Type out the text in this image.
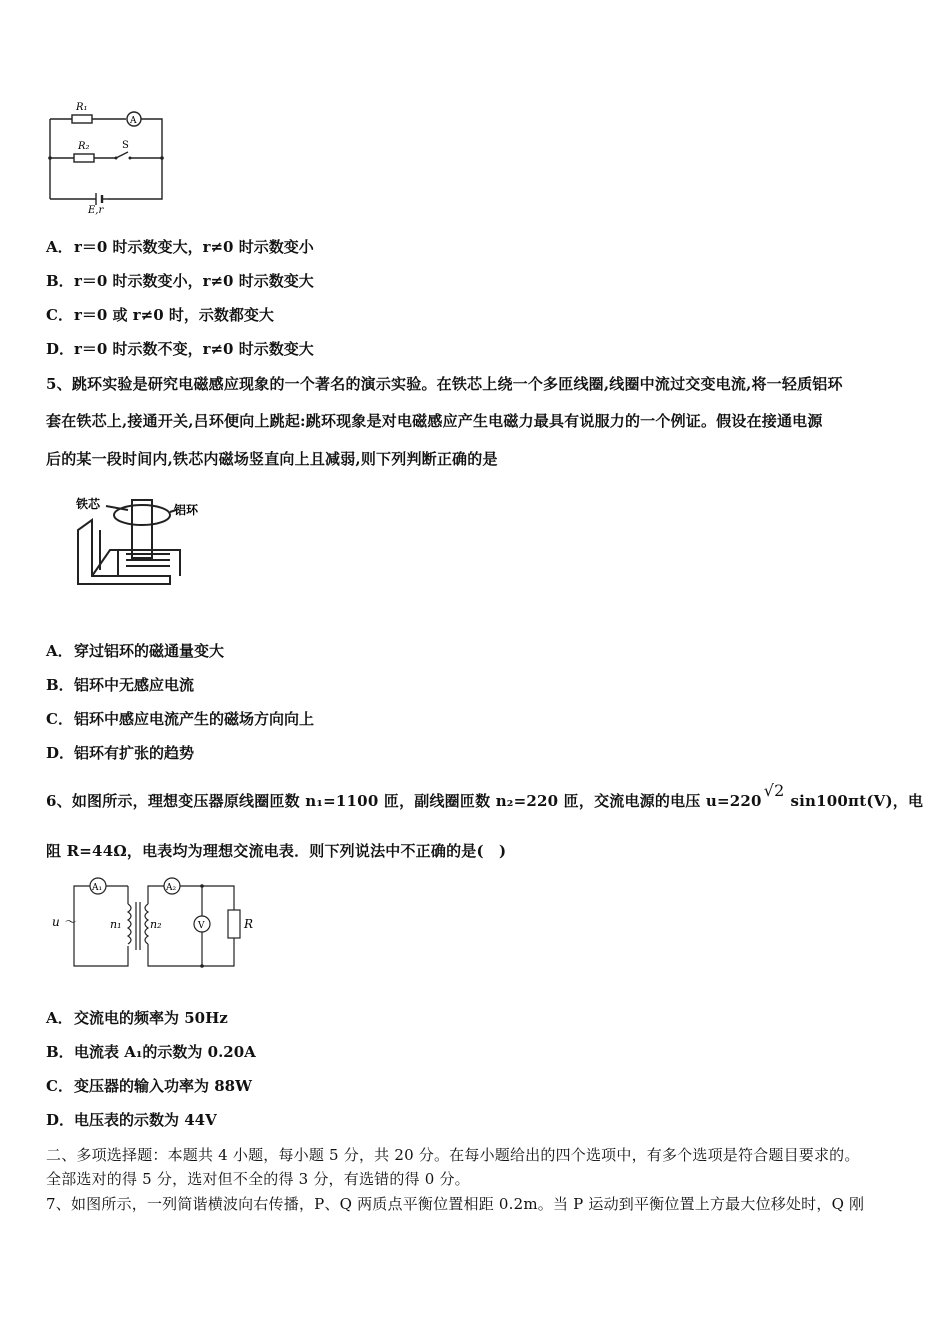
R₁
A
R₂	S
E,r
A．r＝0 时示数变大，r≠0 时示数变小
B．r＝0 时示数变小，r≠0 时示数变大
C．r＝0 或 r≠0 时，示数都变大
D．r＝0 时示数不变，r≠0 时示数变大
5、跳环实验是研究电磁感应现象的一个著名的演示实验。在铁芯上绕一个多匝线圈,线圈中流过交变电流,将一轻质铝环
套在铁芯上,接通开关,吕环便向上跳起:跳环现象是对电磁感应产生电磁力最具有说服力的一个例证。假设在接通电源
后的某一段时间内,铁芯内磁场竖直向上且减弱,则下列判断正确的是
铁芯	铝环
A．穿过铝环的磁通量变大
B．铝环中无感应电流
C．铝环中感应电流产生的磁场方向向上
D．铝环有扩张的趋势
6、如图所示，理想变压器原线圈匝数 n₁=1100 匝，副线圈匝数 n₂=220 匝，交流电源的电压 u=220√2sin100πt(V)，电
阻 R=44Ω，电表均为理想交流电表．则下列说法中不正确的是(　)
u ～	n₁	n₂
A₁	A₂
V	R
A．交流电的频率为 50Hz
B．电流表 A₁的示数为 0.20A
C．变压器的输入功率为 88W
D．电压表的示数为 44V
二、多项选择题：本题共 4 小题，每小题 5 分，共 20 分。在每小题给出的四个选项中，有多个选项是符合题目要求的。
全部选对的得 5 分，选对但不全的得 3 分，有选错的得 0 分。
7、如图所示，一列简谐横波向右传播，P、Q 两质点平衡位置相距 0.2m。当 P 运动到平衡位置上方最大位移处时，Q 刚
